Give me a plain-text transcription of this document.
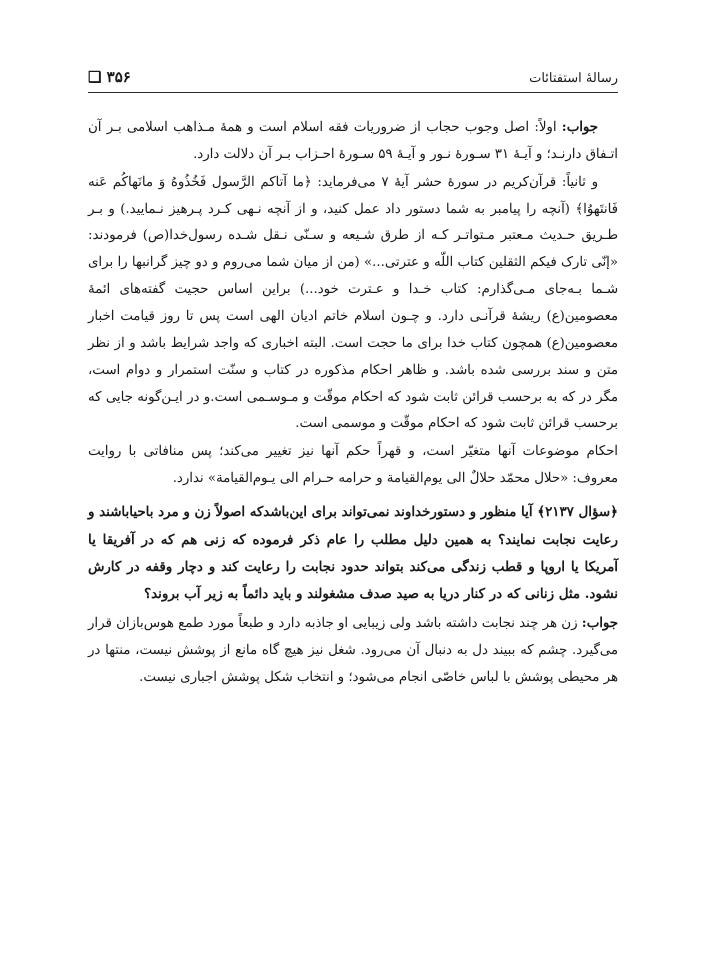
۳۵۶ ❑	رسالۀ استفتائات

جواب: اولاً: اصل وجوب حجاب از ضروریات فقه اسلام است و همۀ مـذاهب اسلامی بـر آن اتـفاق دارنـد؛ و آیـۀ ۳۱ سـورۀ نـور و آیـۀ ۵۹ سـورۀ احـزاب بـر آن دلالت دارد.

و ثانیاً: قرآن‌کریم در سورۀ حشر آیۀ ۷ می‌فرماید: ﴿ما آتاکم الرَّسول فَخُذُوهُ وَ مانَهاکُم عَنه فَانتَهوُا﴾ (آنچه را پیامبر به شما دستور داد عمل کنید، و از آنچه نـهی کـرد پـرهیز نـمایید.) و بـر طـریق حـدیث مـعتبر مـتواتـر کـه از طرق شـیعه و سـنّی نـقل شـده رسول‌خدا(ص) فرمودند: «إنّی تارک فیکم الثقلین کتاب اللّه و عترتی...» (من از میان شما می‌روم و دو چیز گرانبها را برای شـما بـه‌جای مـی‌گذارم: کتاب خـدا و عـترت خود...) براین اساس حجیت گفته‌های ائمۀ معصومین(ع) ریشۀ قرآنـی دارد. و چـون اسلام خاتم ادیان الهی است پس تا روز قیامت اخبار معصومین(ع) همچون کتاب خدا برای ما حجت است. البته اخباری که واجد شرایط باشد و از نظر متن و سند بررسی شده باشد. و ظاهر احکام مذکوره در کتاب و سنّت استمرار و دوام است، مگر در که به برحسب قرائن ثابت شود که احکام موقّت و مـوسـمی است.و در ایـن‌گونه جایی که برحسب قرائن ثابت شود که احکام موقّت و موسمی است.

احکام موضوعات آنها متغیّر است، و قهراً حکم آنها نیز تغییر می‌کند؛ پس منافاتی با روایت معروف: «حلال محمّد حلالٌ الی یوم‌القیامة و حرامه حـرام الی یـوم‌القیامة» ندارد.

﴿سؤال ۲۱۳۷﴾ آیا منظور و دستورخداوند نمی‌تواند برای این‌باشدکه اصولاً زن و مرد باحیاباشند و رعایت نجابت نمایند؟ به همین دلیل مطلب را عام ذکر فرموده که زنی هم که در آفریقا یا آمریکا یا اروپا و قطب زندگی می‌کند بتواند حدود نجابت را رعایت کند و دچار وقفه در کارش نشود. مثل زنانی که در کنار دریا به صید صدف مشغولند و باید دائماً به زیر آب بروند؟

جواب: زن هر چند نجابت داشته باشد ولی زیبایی او جاذبه دارد و طبعاً مورد طمع هوس‌بازان قرار می‌گیرد. چشم که ببیند دل به دنبال آن می‌رود. شغل نیز هیچ گاه مانع از پوشش نیست، منتها در هر محیطی پوشش با لباس خاصّی انجام می‌شود؛ و انتخاب شکل پوشش اجباری نیست.
